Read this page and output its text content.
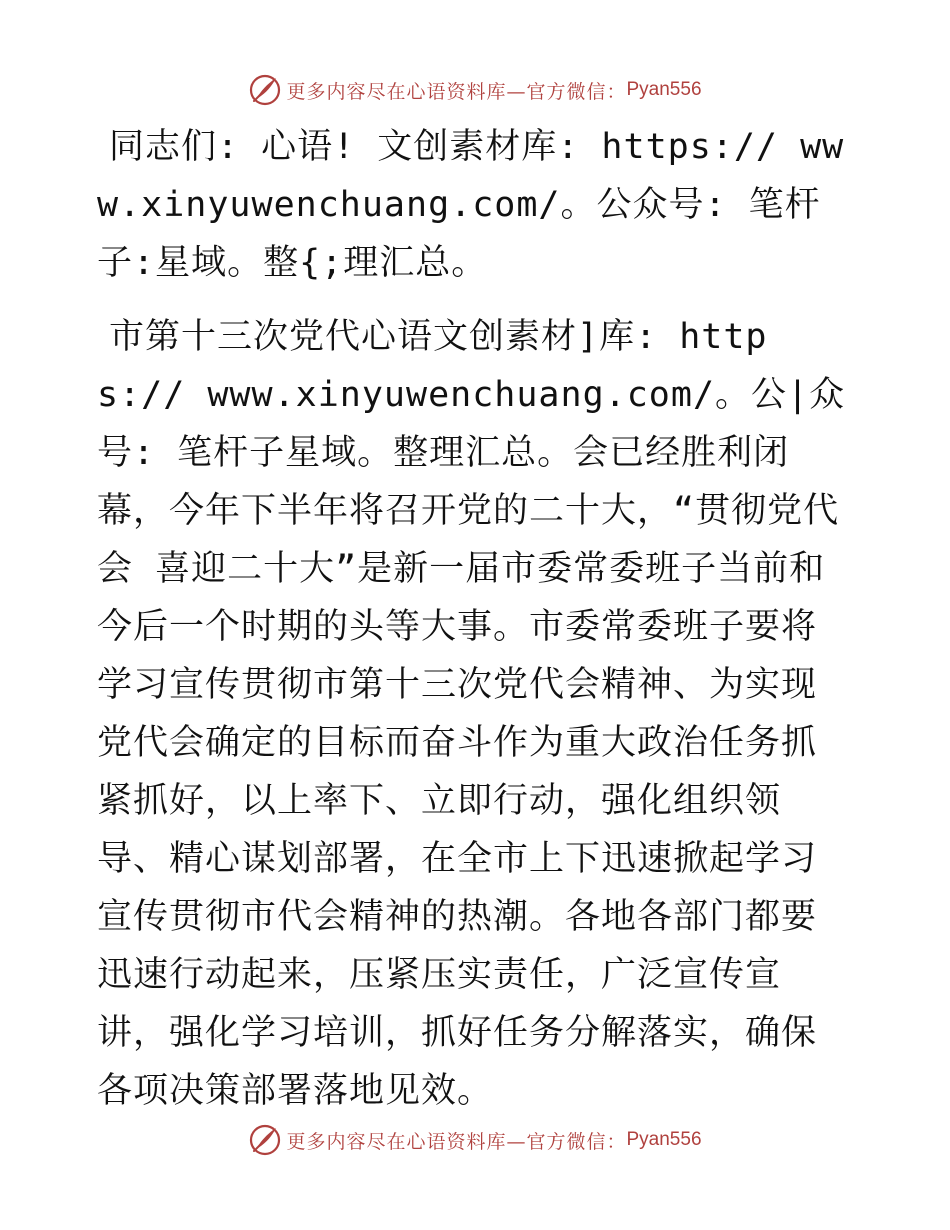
更多内容尽在心语资料库—官方微信： Pyan556

同志们: 心语! 文创素材库: https:// www.xinyuwenchuang.com/。公众号: 笔杆子:星域。整{;理汇总。

市第十三次党代心语文创素材]库: https:// www.xinyuwenchuang.com/。公|众号: 笔杆子星域。整理汇总。会已经胜利闭幕，今年下半年将召开党的二十大，“贯彻党代会 喜迎二十大”是新一届市委常委班子当前和今后一个时期的头等大事。市委常委班子要将学习宣传贯彻市第十三次党代会精神、为实现党代会确定的目标而奋斗作为重大政治任务抓紧抓好，以上率下、立即行动，强化组织领导、精心谋划部署，在全市上下迅速掀起学习宣传贯彻市代会精神的热潮。各地各部门都要迅速行动起来，压紧压实责任，广泛宣传宣讲，强化学习培训，抓好任务分解落实，确保各项决策部署落地见效。

更多内容尽在心语资料库—官方微信： Pyan556
